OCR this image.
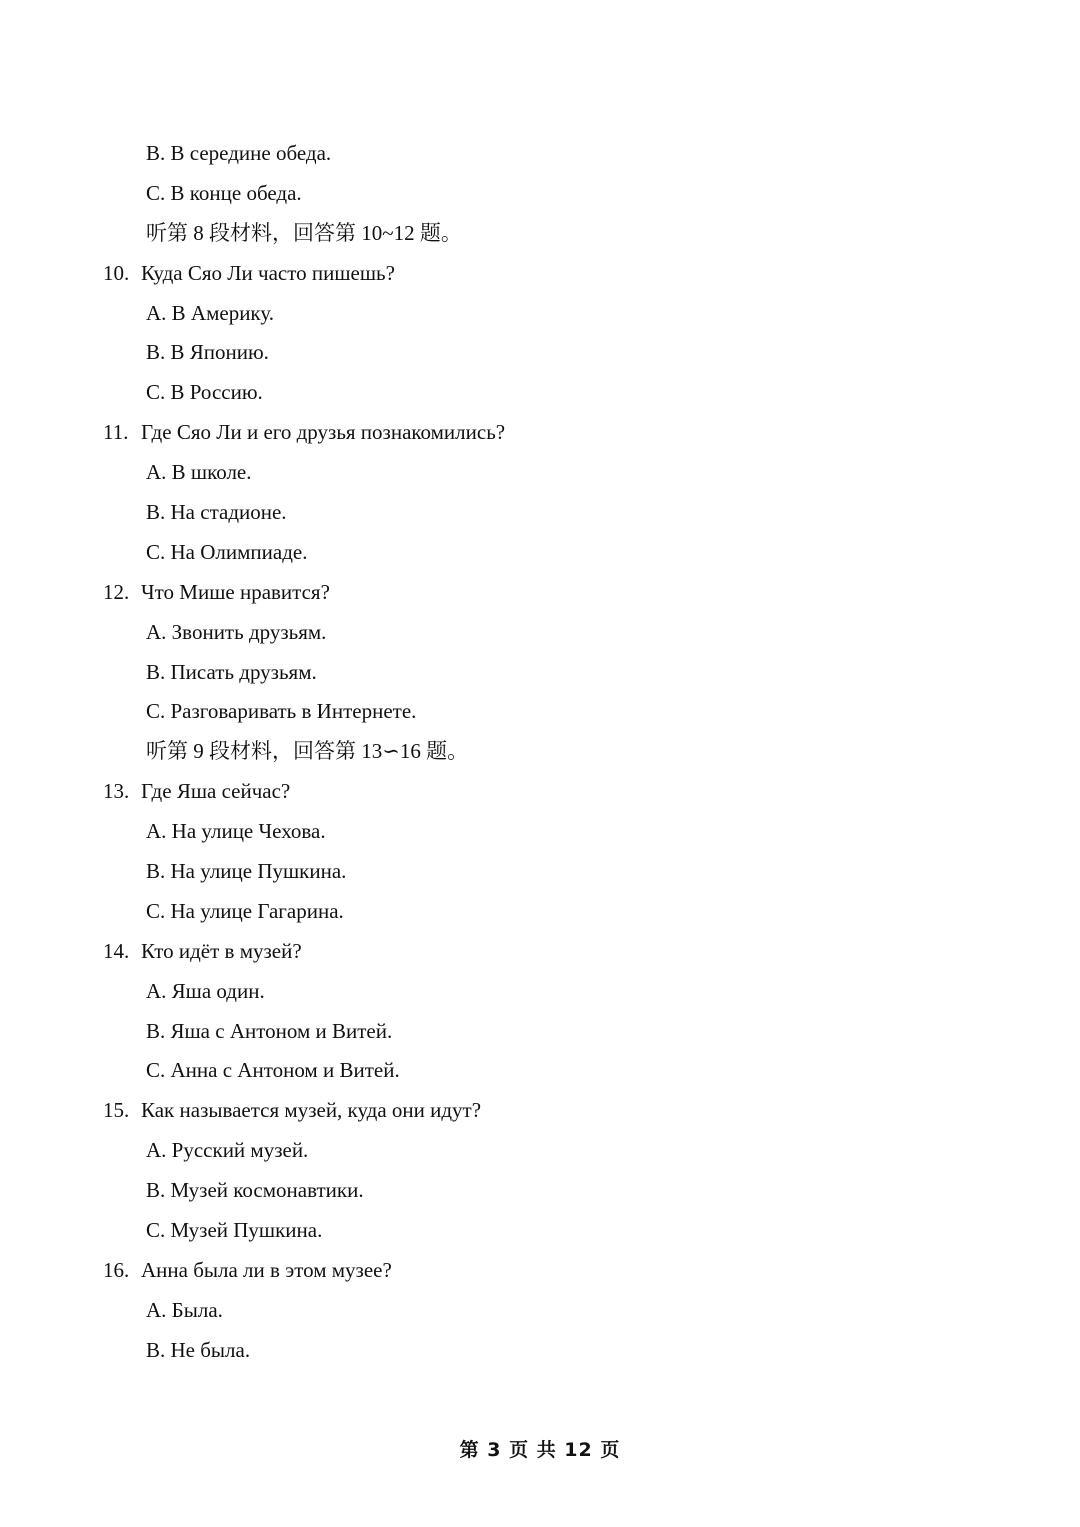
B. В середине обеда.
C. В конце обеда.
听第 8 段材料，回答第 10~12 题。
10. Куда Сяо Ли часто пишешь?
A. В Америку.
B. В Японию.
C. В Россию.
11. Где Сяо Ли и его друзья познакомились?
A. В школе.
B. На стадионе.
C. На Олимпиаде.
12. Что Мише нравится?
A. Звонить друзьям.
B. Писать друзьям.
C. Разговаривать в Интернете.
听第 9 段材料，回答第 13∽16 题。
13. Где Яша сейчас?
A. На улице Чехова.
B. На улице Пушкина.
C. На улице Гагарина.
14. Кто идёт в музей?
A. Яша один.
B. Яша с Антоном и Витей.
C. Анна с Антоном и Витей.
15. Как называется музей, куда они идут?
A. Русский музей.
B. Музей космонавтики.
C. Музей Пушкина.
16. Анна была ли в этом музее?
A. Была.
B. Не была.
第 3 页 共 12 页
